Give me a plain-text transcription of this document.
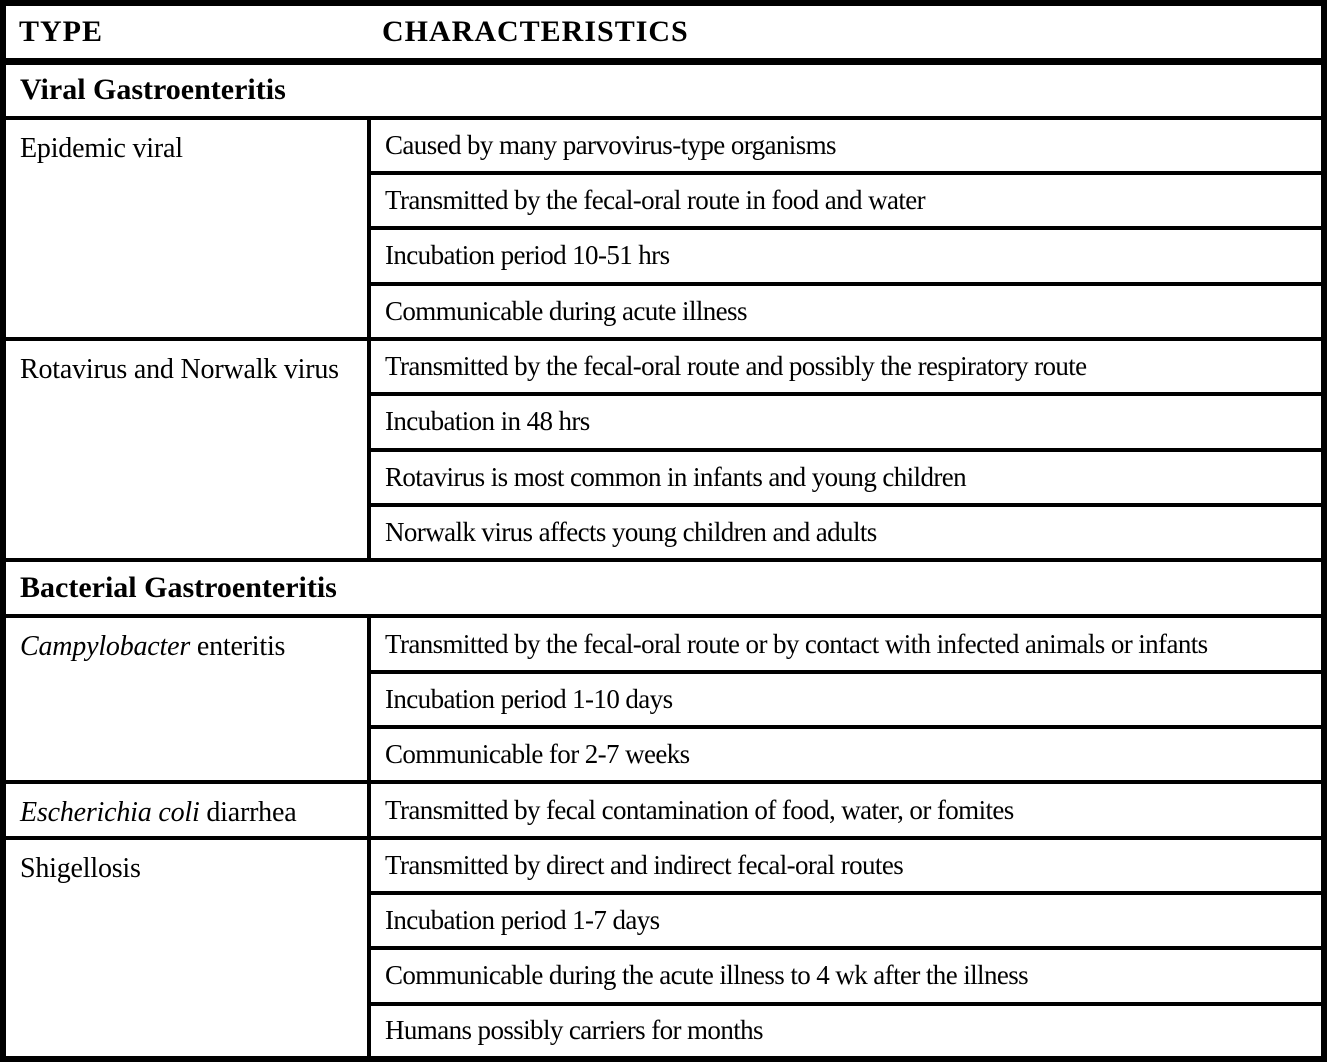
TYPE	CHARACTERISTICS
Viral Gastroenteritis	
Epidemic viral	Caused by many parvovirus-type organisms
	Transmitted by the fecal-oral route in food and water
	Incubation period 10-51 hrs
	Communicable during acute illness
Rotavirus and Norwalk virus	Transmitted by the fecal-oral route and possibly the respiratory route
	Incubation in 48 hrs
	Rotavirus is most common in infants and young children
	Norwalk virus affects young children and adults
Bacterial Gastroenteritis	
Campylobacter enteritis	Transmitted by the fecal-oral route or by contact with infected animals or infants
	Incubation period 1-10 days
	Communicable for 2-7 weeks
Escherichia coli diarrhea	Transmitted by fecal contamination of food, water, or fomites
Shigellosis	Transmitted by direct and indirect fecal-oral routes
	Incubation period 1-7 days
	Communicable during the acute illness to 4 wk after the illness
	Humans possibly carriers for months
